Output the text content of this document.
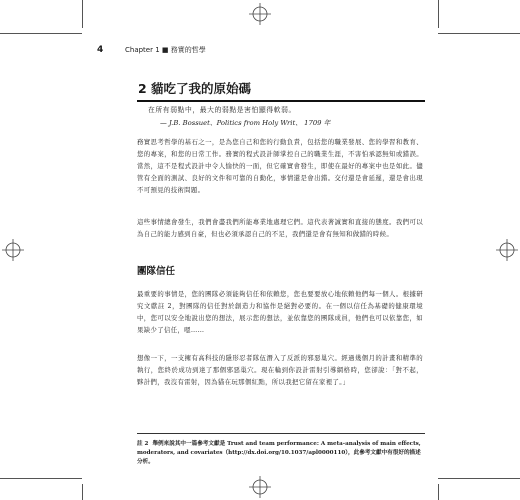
4	Chapter 1 ■ 務實的哲學
2 貓吃了我的原始碼
在所有弱點中，最大的弱點是害怕顯得軟弱。
— J.B. Bossuet、Politics from Holy Writ、 1709 年

務實思考哲學的基石之一，是為您自己和您的行動負責，包括您的職業發展、您的學習和教育、您的專案，和您的日常工作。務實的程式設計師掌控自己的職業生涯，不害怕承認無知或錯誤。當然，這不是程式設計中令人愉快的一面，但它確實會發生，即使在最好的專案中也是如此。儘管有全面的測試、良好的文件和可靠的自動化，事情還是會出錯。交付還是會延遲，還是會出現不可預見的技術問題。

這些事情總會發生，我們會盡我們所能專業地處理它們。這代表著誠實和直接的態度。我們可以為自己的能力感到自豪，但也必須承認自己的不足，我們還是會有無知和做錯的時候。

團隊信任

最重要的事情是，您的團隊必須能夠信任和依賴您，您也要要放心地依賴他們每一個人。根據研究文獻註 2，對團隊的信任對於創造力和協作是絕對必要的。在一個以信任為基礎的健康環境中，您可以安全地說出您的想法，展示您的想法，並依靠您的團隊成員，他們也可以依靠您，如果缺少了信任，嗯……

想像一下，一支擁有高科技的隱形忍者隊伍潛入了反派的邪惡巢穴。經過幾個月的計畫和精準的執行，您終於成功到達了那個邪惡巢穴。現在輪到你設計雷射引導網格時，您卻說：「對不起，夥計們，我沒有雷射，因為貓在玩那個紅點，所以我把它留在家裡了。」

註 2 舉例來說其中一篇參考文獻是 Trust and team performance: A meta-analysis of main effects, moderators, and covariates（http://dx.doi.org/10.1037/apl0000110），此參考文獻中有很好的描述分析。
